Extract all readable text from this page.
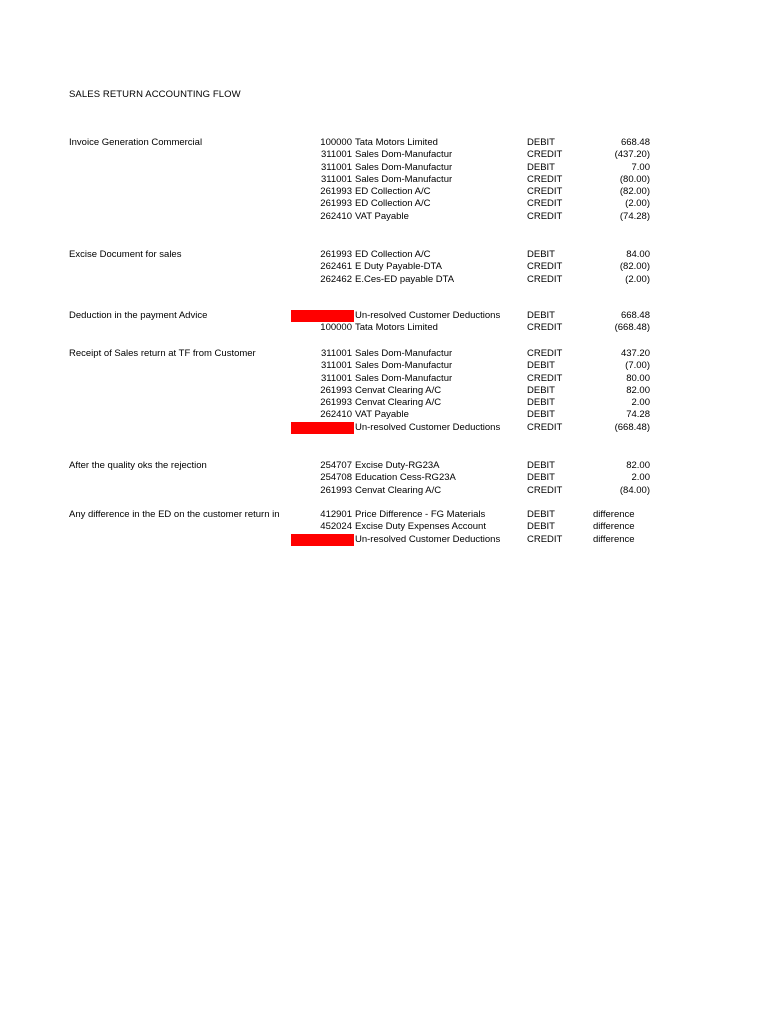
SALES RETURN ACCOUNTING FLOW
Invoice Generation Commercial	100000 Tata Motors Limited	DEBIT	668.48
311001 Sales Dom-Manufactur	CREDIT	(437.20)
311001 Sales Dom-Manufactur	DEBIT	7.00
311001 Sales Dom-Manufactur	CREDIT	(80.00)
261993 ED Collection A/C	CREDIT	(82.00)
261993 ED Collection A/C	CREDIT	(2.00)
262410 VAT Payable	CREDIT	(74.28)
Excise Document for sales	261993 ED Collection A/C	DEBIT	84.00
262461 E Duty Payable-DTA	CREDIT	(82.00)
262462 E.Ces-ED payable DTA	CREDIT	(2.00)
Deduction in the payment Advice	Un-resolved Customer Deductions	DEBIT	668.48
100000 Tata Motors Limited	CREDIT	(668.48)
Receipt of Sales return at TF from Customer	311001 Sales Dom-Manufactur	CREDIT	437.20
311001 Sales Dom-Manufactur	DEBIT	(7.00)
311001 Sales Dom-Manufactur	CREDIT	80.00
261993 Cenvat Clearing A/C	DEBIT	82.00
261993 Cenvat Clearing A/C	DEBIT	2.00
262410 VAT Payable	DEBIT	74.28
Un-resolved Customer Deductions	CREDIT	(668.48)
After the quality oks the rejection	254707 Excise Duty-RG23A	DEBIT	82.00
254708 Education Cess-RG23A	DEBIT	2.00
261993 Cenvat Clearing A/C	CREDIT	(84.00)
Any difference in the ED on the customer return in	412901 Price Difference - FG Materials	DEBIT	difference
452024 Excise Duty Expenses Account	DEBIT	difference
Un-resolved Customer Deductions	CREDIT	difference
